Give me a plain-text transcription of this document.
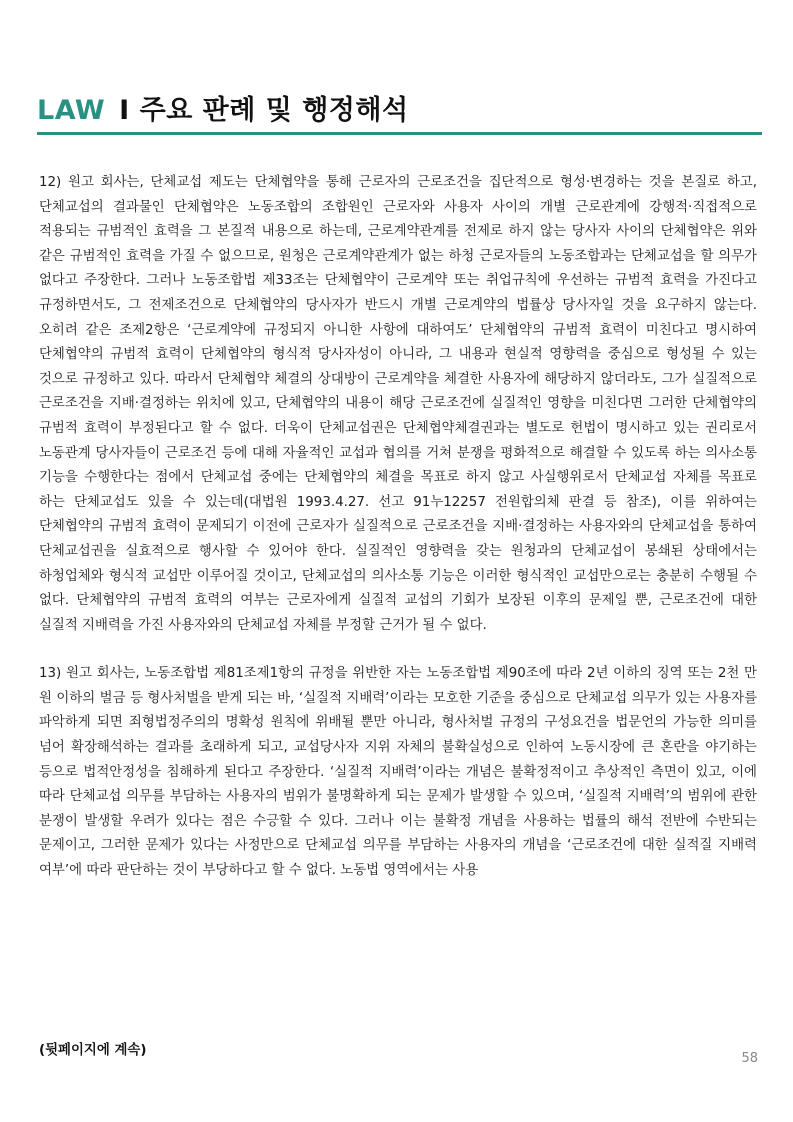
LAW I 주요 판례 및 행정해석

12) 원고 회사는, 단체교섭 제도는 단체협약을 통해 근로자의 근로조건을 집단적으로 형성·변경하는 것을 본질로 하고, 단체교섭의 결과물인 단체협약은 노동조합의 조합원인 근로자와 사용자 사이의 개별 근로관계에 강행적·직접적으로 적용되는 규범적인 효력을 그 본질적 내용으로 하는데, 근로계약관계를 전제로 하지 않는 당사자 사이의 단체협약은 위와 같은 규범적인 효력을 가질 수 없으므로, 원청은 근로계약관계가 없는 하청 근로자들의 노동조합과는 단체교섭을 할 의무가 없다고 주장한다. 그러나 노동조합법 제33조는 단체협약이 근로계약 또는 취업규칙에 우선하는 규범적 효력을 가진다고 규정하면서도, 그 전제조건으로 단체협약의 당사자가 반드시 개별 근로계약의 법률상 당사자일 것을 요구하지 않는다. 오히려 같은 조제2항은 ‘근로계약에 규정되지 아니한 사항에 대하여도’ 단체협약의 규범적 효력이 미친다고 명시하여 단체협약의 규범적 효력이 단체협약의 형식적 당사자성이 아니라, 그 내용과 현실적 영향력을 중심으로 형성될 수 있는 것으로 규정하고 있다. 따라서 단체협약 체결의 상대방이 근로계약을 체결한 사용자에 해당하지 않더라도, 그가 실질적으로 근로조건을 지배·결정하는 위치에 있고, 단체협약의 내용이 해당 근로조건에 실질적인 영향을 미친다면 그러한 단체협약의 규범적 효력이 부정된다고 할 수 없다. 더욱이 단체교섭권은 단체협약체결권과는 별도로 헌법이 명시하고 있는 권리로서 노동관계 당사자들이 근로조건 등에 대해 자율적인 교섭과 협의를 거쳐 분쟁을 평화적으로 해결할 수 있도록 하는 의사소통 기능을 수행한다는 점에서 단체교섭 중에는 단체협약의 체결을 목표로 하지 않고 사실행위로서 단체교섭 자체를 목표로 하는 단체교섭도 있을 수 있는데(대법원 1993.4.27. 선고 91누12257 전원합의체 판결 등 참조), 이를 위하여는 단체협약의 규범적 효력이 문제되기 이전에 근로자가 실질적으로 근로조건을 지배·결정하는 사용자와의 단체교섭을 통하여 단체교섭권을 실효적으로 행사할 수 있어야 한다. 실질적인 영향력을 갖는 원청과의 단체교섭이 봉쇄된 상태에서는 하청업체와 형식적 교섭만 이루어질 것이고, 단체교섭의 의사소통 기능은 이러한 형식적인 교섭만으로는 충분히 수행될 수 없다. 단체협약의 규범적 효력의 여부는 근로자에게 실질적 교섭의 기회가 보장된 이후의 문제일 뿐, 근로조건에 대한 실질적 지배력을 가진 사용자와의 단체교섭 자체를 부정할 근거가 될 수 없다.

13) 원고 회사는, 노동조합법 제81조제1항의 규정을 위반한 자는 노동조합법 제90조에 따라 2년 이하의 징역 또는 2천 만 원 이하의 벌금 등 형사처벌을 받게 되는 바, ‘실질적 지배력’이라는 모호한 기준을 중심으로 단체교섭 의무가 있는 사용자를 파악하게 되면 죄형법정주의의 명확성 원칙에 위배될 뿐만 아니라, 형사처벌 규정의 구성요건을 법문언의 가능한 의미를 넘어 확장해석하는 결과를 초래하게 되고, 교섭당사자 지위 자체의 불확실성으로 인하여 노동시장에 큰 혼란을 야기하는 등으로 법적안정성을 침해하게 된다고 주장한다. ‘실질적 지배력’이라는 개념은 불확정적이고 추상적인 측면이 있고, 이에 따라 단체교섭 의무를 부담하는 사용자의 범위가 불명확하게 되는 문제가 발생할 수 있으며, ‘실질적 지배력’의 범위에 관한 분쟁이 발생할 우려가 있다는 점은 수긍할 수 있다. 그러나 이는 불확정 개념을 사용하는 법률의 해석 전반에 수반되는 문제이고, 그러한 문제가 있다는 사정만으로 단체교섭 의무를 부담하는 사용자의 개념을 ‘근로조건에 대한 실적질 지배력 여부’에 따라 판단하는 것이 부당하다고 할 수 없다. 노동법 영역에서는 사용

(뒷페이지에 계속)
58
